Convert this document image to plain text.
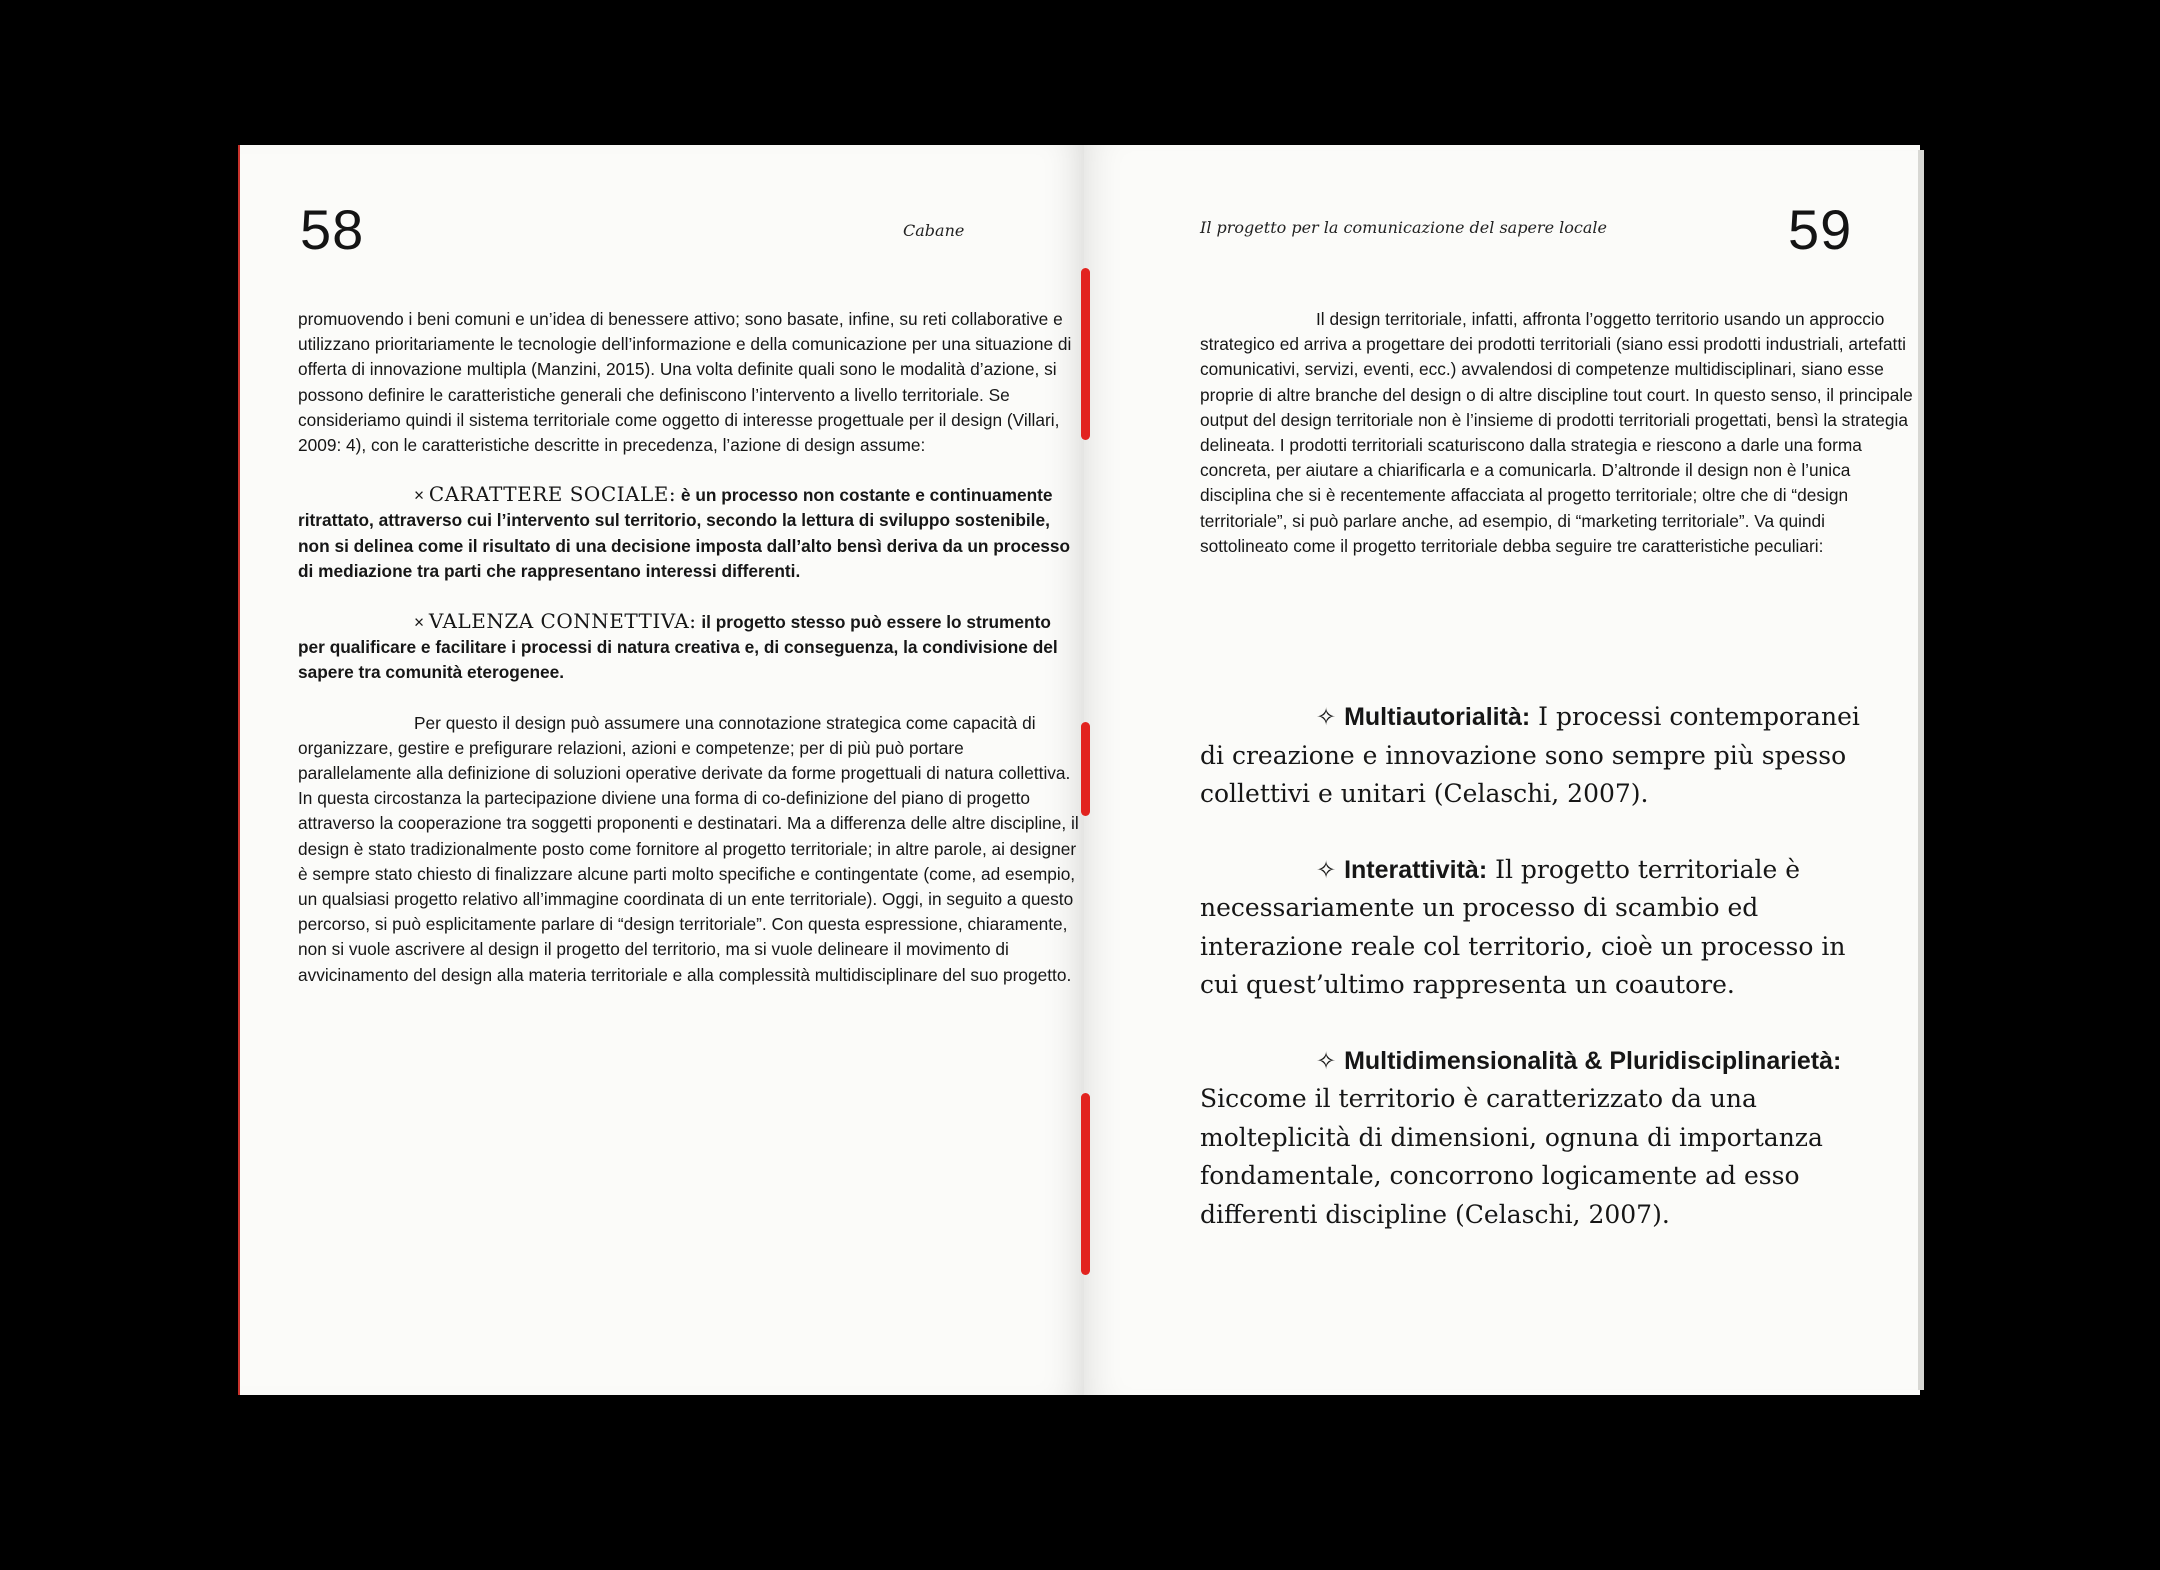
58	Cabane

promuovendo i beni comuni e un’idea di benessere attivo; sono basate, infine, su reti collaborative e utilizzano prioritariamente le tecnologie dell’informazione e della comunicazione per una situazione di offerta di innovazione multipla (Manzini, 2015). Una volta definite quali sono le modalità d’azione, si possono definire le caratteristiche generali che definiscono l’intervento a livello territoriale. Se consideriamo quindi il sistema territoriale come oggetto di interesse progettuale per il design (Villari, 2009: 4), con le caratteristiche descritte in precedenza, l’azione di design assume:

× CARATTERE SOCIALE: è un processo non costante e continuamente ritrattato, attraverso cui l’intervento sul territorio, secondo la lettura di sviluppo sostenibile, non si delinea come il risultato di una decisione imposta dall’alto bensì deriva da un processo di mediazione tra parti che rappresentano interessi differenti.

× VALENZA CONNETTIVA: il progetto stesso può essere lo strumento per qualificare e facilitare i processi di natura creativa e, di conseguenza, la condivisione del sapere tra comunità eterogenee.

Per questo il design può assumere una connotazione strategica come capacità di organizzare, gestire e prefigurare relazioni, azioni e competenze; per di più può portare parallelamente alla definizione di soluzioni operative derivate da forme progettuali di natura collettiva. In questa circostanza la partecipazione diviene una forma di co-definizione del piano di progetto attraverso la cooperazione tra soggetti proponenti e destinatari. Ma a differenza delle altre discipline, il design è stato tradizionalmente posto come fornitore al progetto territoriale; in altre parole, ai designer è sempre stato chiesto di finalizzare alcune parti molto specifiche e contingentate (come, ad esempio, un qualsiasi progetto relativo all’immagine coordinata di un ente territoriale). Oggi, in seguito a questo percorso, si può esplicitamente parlare di “design territoriale”. Con questa espressione, chiaramente, non si vuole ascrivere al design il progetto del territorio, ma si vuole delineare il movimento di avvicinamento del design alla materia territoriale e alla complessità multidisciplinare del suo progetto.

Il progetto per la comunicazione del sapere locale	59

Il design territoriale, infatti, affronta l’oggetto territorio usando un approccio strategico ed arriva a progettare dei prodotti territoriali (siano essi prodotti industriali, artefatti comunicativi, servizi, eventi, ecc.) avvalendosi di competenze multidisciplinari, siano esse proprie di altre branche del design o di altre discipline tout court. In questo senso, il principale output del design territoriale non è l’insieme di prodotti territoriali progettati, bensì la strategia delineata. I prodotti territoriali scaturiscono dalla strategia e riescono a darle una forma concreta, per aiutare a chiarificarla e a comunicarla. D’altronde il design non è l’unica disciplina che si è recentemente affacciata al progetto territoriale; oltre che di “design territoriale”, si può parlare anche, ad esempio, di “marketing territoriale”. Va quindi sottolineato come il progetto territoriale debba seguire tre caratteristiche peculiari:

✧ Multiautorialità: I processi contemporanei di creazione e innovazione sono sempre più spesso collettivi e unitari (Celaschi, 2007).

✧ Interattività: Il progetto territoriale è necessariamente un processo di scambio ed interazione reale col territorio, cioè un processo in cui quest’ultimo rappresenta un coautore.

✧ Multidimensionalità & Pluridisciplinarietà: Siccome il territorio è caratterizzato da una molteplicità di dimensioni, ognuna di importanza fondamentale, concorrono logicamente ad esso differenti discipline (Celaschi, 2007).
